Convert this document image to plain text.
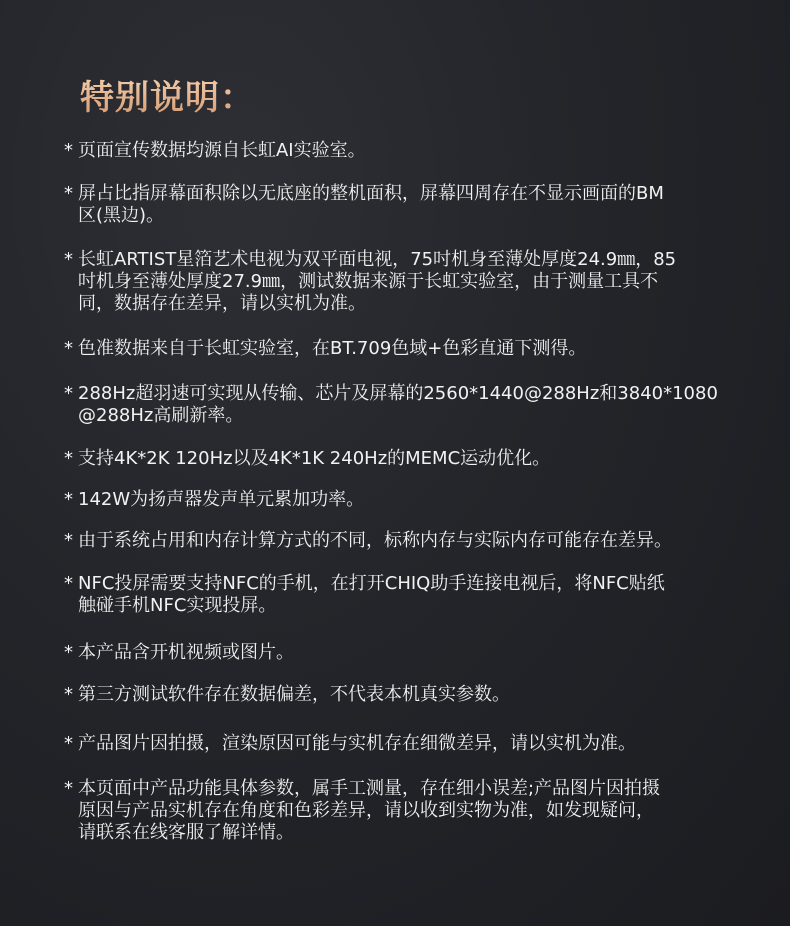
特别说明：
* 页面宣传数据均源自长虹AI实验室。
* 屏占比指屏幕面积除以无底座的整机面积，屏幕四周存在不显示画面的BM
区(黑边)。
* 长虹ARTIST星箔艺术电视为双平面电视，75吋机身至薄处厚度24.9㎜，85
吋机身至薄处厚度27.9㎜，测试数据来源于长虹实验室，由于测量工具不
同，数据存在差异，请以实机为准。
* 色准数据来自于长虹实验室，在BT.709色域+色彩直通下测得。
* 288Hz超羽速可实现从传输、芯片及屏幕的2560*1440@288Hz和3840*1080
@288Hz高刷新率。
* 支持4K*2K 120Hz以及4K*1K 240Hz的MEMC运动优化。
* 142W为扬声器发声单元累加功率。
* 由于系统占用和内存计算方式的不同，标称内存与实际内存可能存在差异。
* NFC投屏需要支持NFC的手机，在打开CHIQ助手连接电视后，将NFC贴纸
触碰手机NFC实现投屏。
* 本产品含开机视频或图片。
* 第三方测试软件存在数据偏差，不代表本机真实参数。
* 产品图片因拍摄，渲染原因可能与实机存在细微差异，请以实机为准。
* 本页面中产品功能具体参数，属手工测量，存在细小误差;产品图片因拍摄
原因与产品实机存在角度和色彩差异，请以收到实物为准，如发现疑问，
请联系在线客服了解详情。
